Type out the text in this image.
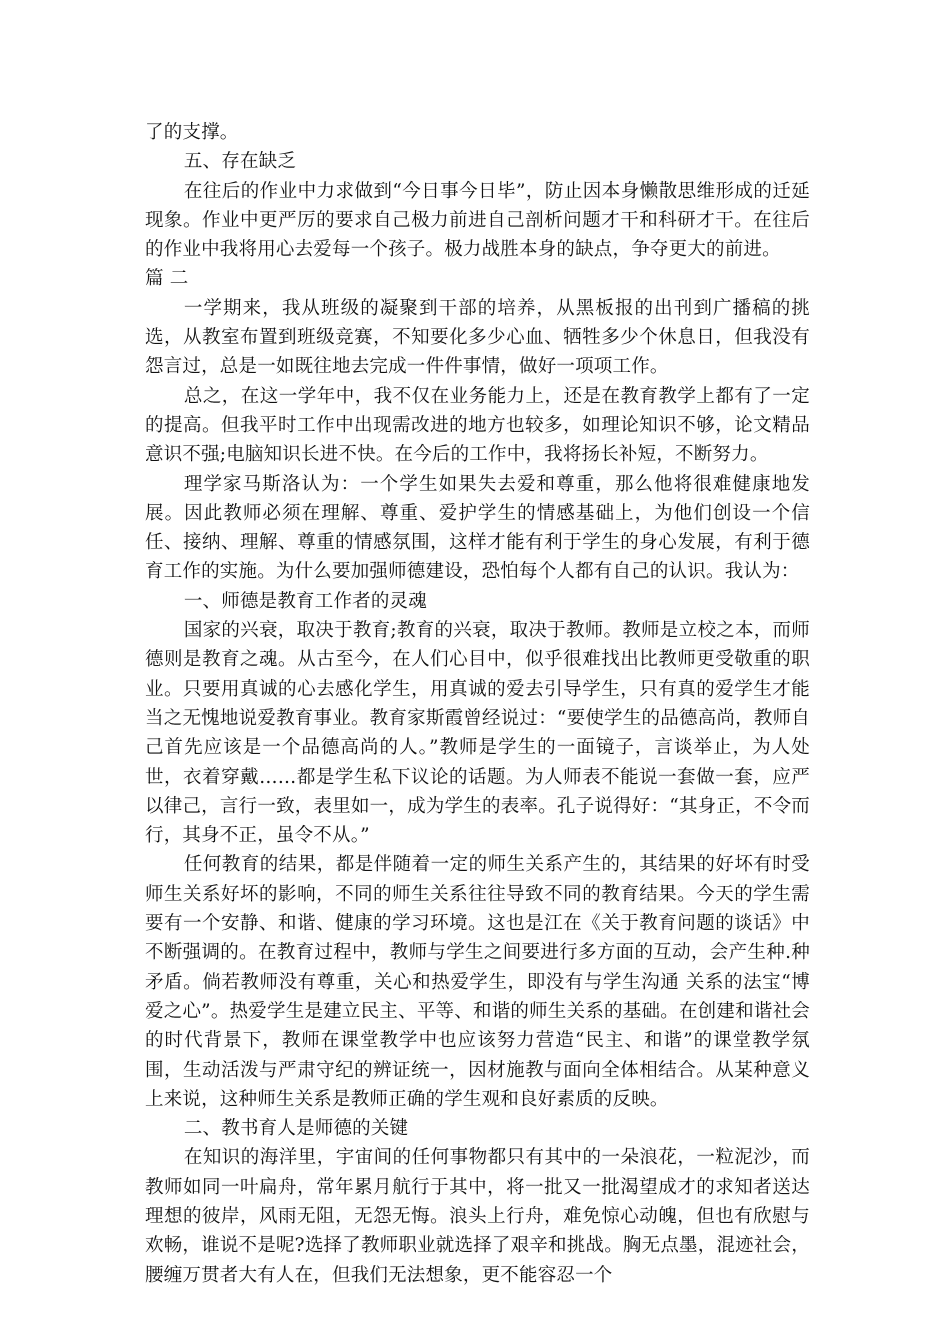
了的支撑。

五、存在缺乏

在往后的作业中力求做到“今日事今日毕”，防止因本身懒散思维形成的迁延现象。作业中更严厉的要求自己极力前进自己剖析问题才干和科研才干。在往后的作业中我将用心去爱每一个孩子。极力战胜本身的缺点，争夺更大的前进。

篇 二

一学期来，我从班级的凝聚到干部的培养，从黑板报的出刊到广播稿的挑选，从教室布置到班级竞赛，不知要化多少心血、牺牲多少个休息日，但我没有怨言过，总是一如既往地去完成一件件事情，做好一项项工作。

总之，在这一学年中，我不仅在业务能力上，还是在教育教学上都有了一定的提高。但我平时工作中出现需改进的地方也较多，如理论知识不够，论文精品意识不强;电脑知识长进不快。在今后的工作中，我将扬长补短，不断努力。

理学家马斯洛认为：一个学生如果失去爱和尊重，那么他将很难健康地发展。因此教师必须在理解、尊重、爱护学生的情感基础上，为他们创设一个信任、接纳、理解、尊重的情感氛围，这样才能有利于学生的身心发展，有利于德育工作的实施。为什么要加强师德建设，恐怕每个人都有自己的认识。我认为：

一、师德是教育工作者的灵魂

国家的兴衰，取决于教育;教育的兴衰，取决于教师。教师是立校之本，而师德则是教育之魂。从古至今，在人们心目中，似乎很难找出比教师更受敬重的职业。只要用真诚的心去感化学生，用真诚的爱去引导学生，只有真的爱学生才能当之无愧地说爱教育事业。教育家斯霞曾经说过：“要使学生的品德高尚，教师自己首先应该是一个品德高尚的人。”教师是学生的一面镜子，言谈举止，为人处世，衣着穿戴……都是学生私下议论的话题。为人师表不能说一套做一套，应严以律己，言行一致，表里如一，成为学生的表率。孔子说得好：“其身正，不令而行，其身不正，虽令不从。”

任何教育的结果，都是伴随着一定的师生关系产生的，其结果的好坏有时受师生关系好坏的影响，不同的师生关系往往导致不同的教育结果。今天的学生需要有一个安静、和谐、健康的学习环境。这也是江在《关于教育问题的谈话》中不断强调的。在教育过程中，教师与学生之间要进行多方面的互动，会产生种.种矛盾。倘若教师没有尊重，关心和热爱学生，即没有与学生沟通 关系的法宝“博爱之心”。热爱学生是建立民主、平等、和谐的师生关系的基础。在创建和谐社会的时代背景下，教师在课堂教学中也应该努力营造“民主、和谐”的课堂教学氛围，生动活泼与严肃守纪的辨证统一，因材施教与面向全体相结合。从某种意义上来说，这种师生关系是教师正确的学生观和良好素质的反映。

二、教书育人是师德的关键

在知识的海洋里，宇宙间的任何事物都只有其中的一朵浪花，一粒泥沙，而教师如同一叶扁舟，常年累月航行于其中，将一批又一批渴望成才的求知者送达理想的彼岸，风雨无阻，无怨无悔。浪头上行舟，难免惊心动魄，但也有欣慰与欢畅，谁说不是呢?选择了教师职业就选择了艰辛和挑战。胸无点墨，混迹社会，腰缠万贯者大有人在，但我们无法想象，更不能容忍一个
